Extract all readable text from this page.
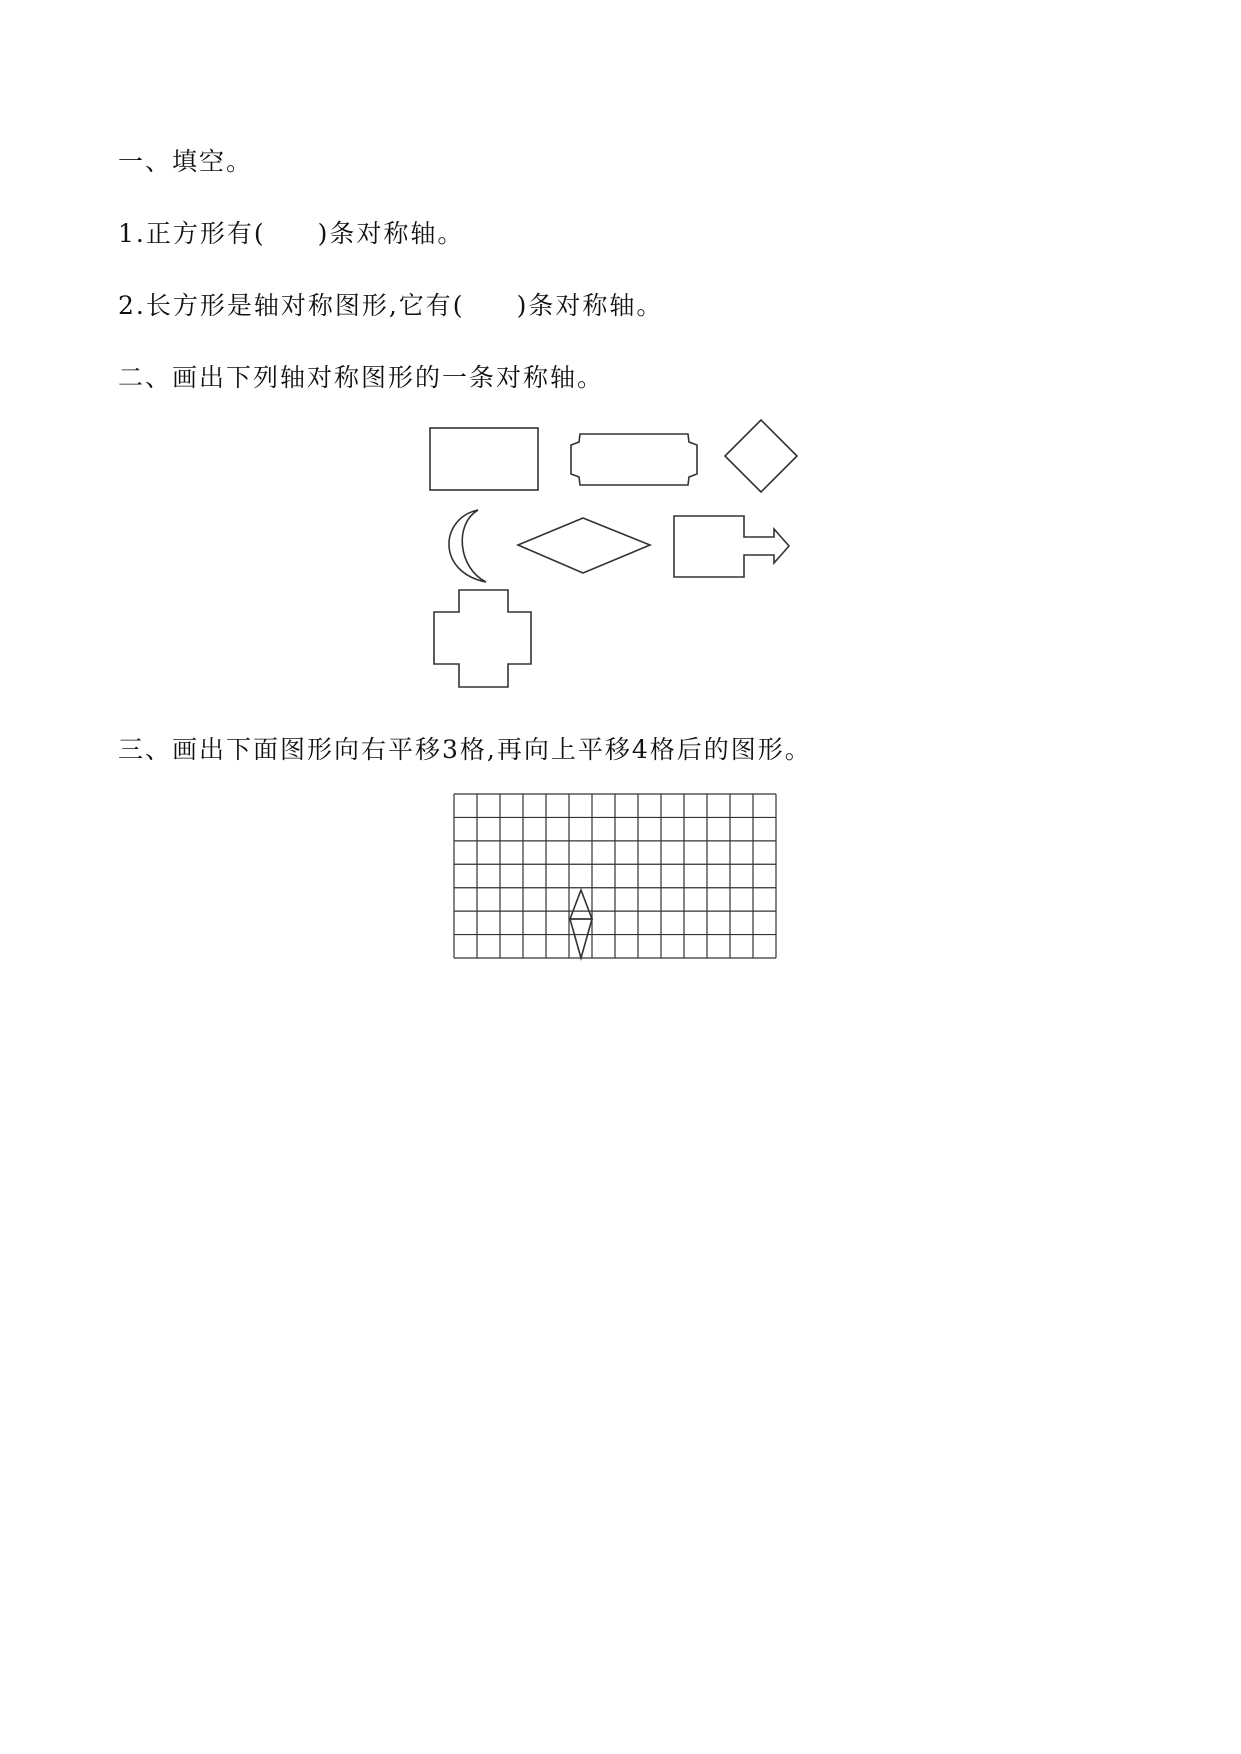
一、填空。
1.正方形有( )条对称轴。
2.长方形是轴对称图形,它有( )条对称轴。
二、画出下列轴对称图形的一条对称轴。
三、画出下面图形向右平移3格,再向上平移4格后的图形。
